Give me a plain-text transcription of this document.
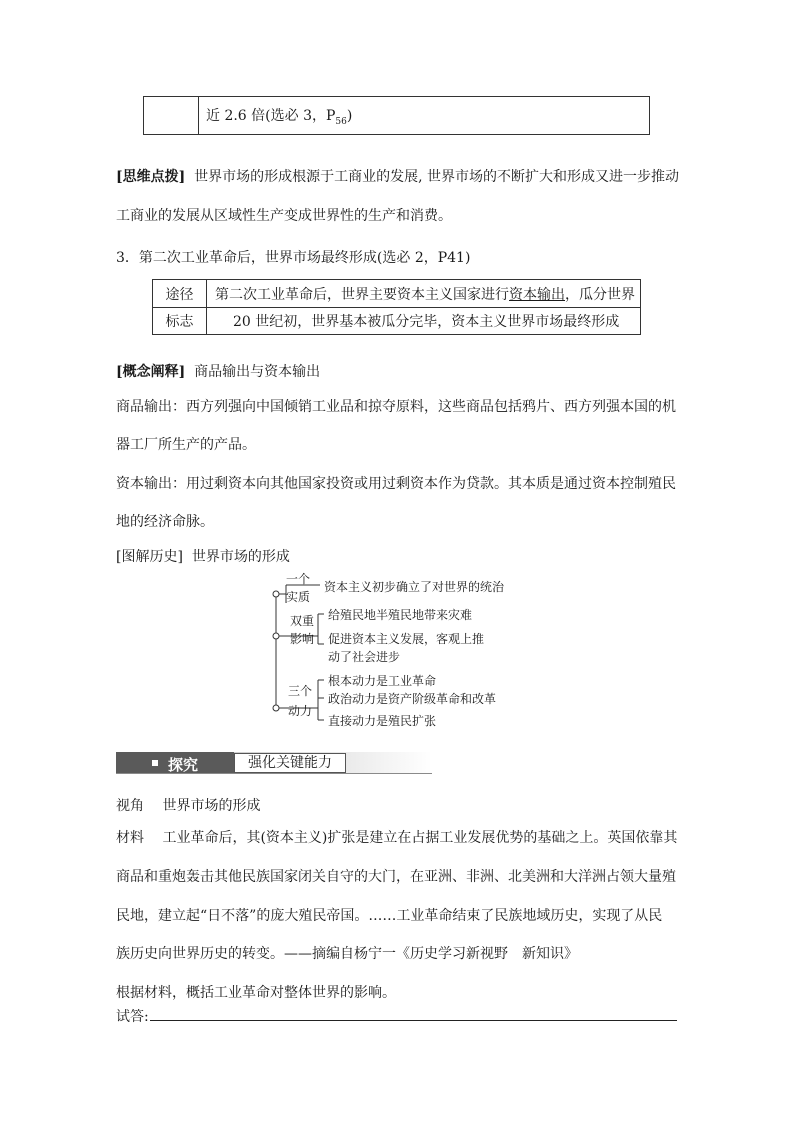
近 2.6 倍(选必 3，$P_{56}$)
[思维点拨] 世界市场的形成根源于工商业的发展, 世界市场的不断扩大和形成又进一步推动
工商业的发展从区域性生产变成世界性的生产和消费。
3．第二次工业革命后，世界市场最终形成(选必 2，P41)
途径	第二次工业革命后，世界主要资本主义国家进行资本输出，瓜分世界
标志	20 世纪初，世界基本被瓜分完毕，资本主义世界市场最终形成
[概念阐释] 商品输出与资本输出
商品输出：西方列强向中国倾销工业品和掠夺原料，这些商品包括鸦片、西方列强本国的机
器工厂所生产的产品。
资本输出：用过剩资本向其他国家投资或用过剩资本作为贷款。其本质是通过资本控制殖民
地的经济命脉。
[图解历史] 世界市场的形成
一个
实质
资本主义初步确立了对世界的统治
双重
影响
给殖民地半殖民地带来灾难
促进资本主义发展，客观上推
动了社会进步
三个
动力
根本动力是工业革命
政治动力是资产阶级革命和改革
直接动力是殖民扩张
探究	强化关键能力
视角　 世界市场的形成
材料　 工业革命后，其(资本主义)扩张是建立在占据工业发展优势的基础之上。英国依靠其
商品和重炮轰击其他民族国家闭关自守的大门，在亚洲、非洲、北美洲和大洋洲占领大量殖
民地，建立起“日不落”的庞大殖民帝国。……工业革命结束了民族地域历史，实现了从民
族历史向世界历史的转变。——摘编自杨宁一《历史学习新视野　新知识》
根据材料，概括工业革命对整体世界的影响。
试答:
